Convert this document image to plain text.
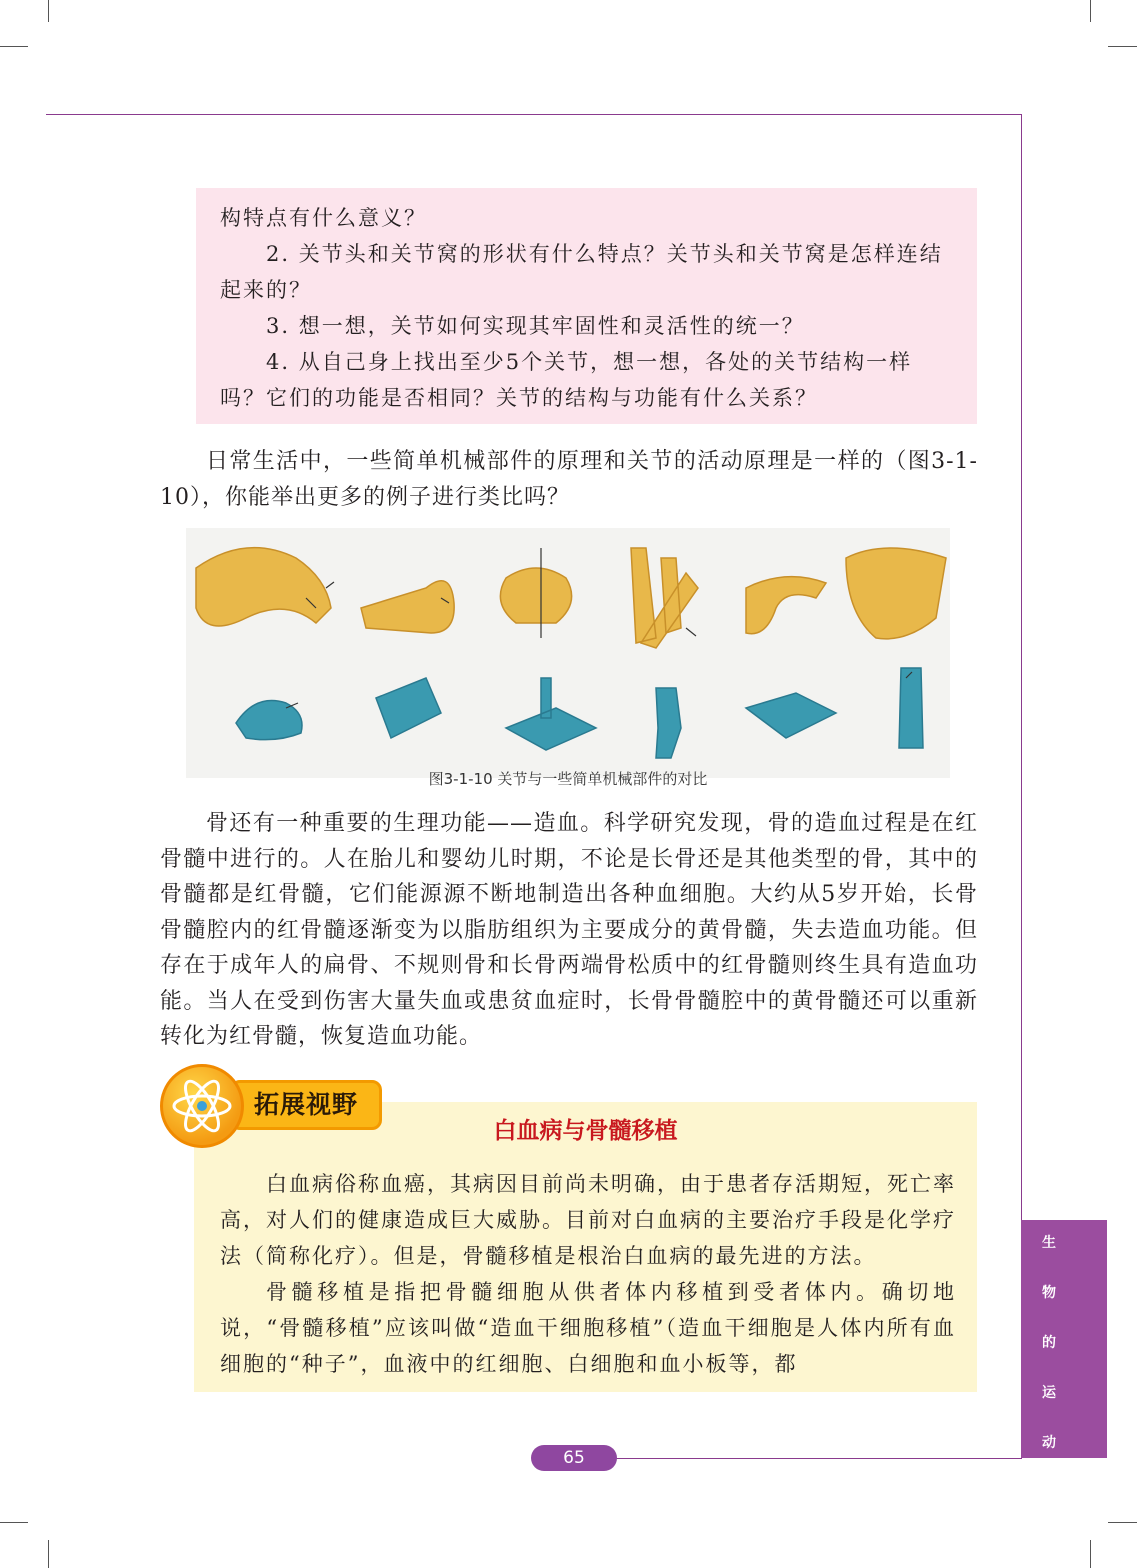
构特点有什么意义？

2. 关节头和关节窝的形状有什么特点？关节头和关节窝是怎样连结起来的？

3. 想一想，关节如何实现其牢固性和灵活性的统一？

4. 从自己身上找出至少5个关节，想一想，各处的关节结构一样吗？它们的功能是否相同？关节的结构与功能有什么关系？

日常生活中，一些简单机械部件的原理和关节的活动原理是一样的（图3-1-10），你能举出更多的例子进行类比吗？

图3-1-10 关节与一些简单机械部件的对比

骨还有一种重要的生理功能——造血。科学研究发现，骨的造血过程是在红骨髓中进行的。人在胎儿和婴幼儿时期，不论是长骨还是其他类型的骨，其中的骨髓都是红骨髓，它们能源源不断地制造出各种血细胞。大约从5岁开始，长骨骨髓腔内的红骨髓逐渐变为以脂肪组织为主要成分的黄骨髓，失去造血功能。但存在于成年人的扁骨、不规则骨和长骨两端骨松质中的红骨髓则终生具有造血功能。当人在受到伤害大量失血或患贫血症时，长骨骨髓腔中的黄骨髓还可以重新转化为红骨髓，恢复造血功能。

拓展视野
白血病与骨髓移植

白血病俗称血癌，其病因目前尚未明确，由于患者存活期短，死亡率高，对人们的健康造成巨大威胁。目前对白血病的主要治疗手段是化学疗法（简称化疗）。但是，骨髓移植是根治白血病的最先进的方法。

骨髓移植是指把骨髓细胞从供者体内移植到受者体内。确切地说，“骨髓移植”应该叫做“造血干细胞移植”（造血干细胞是人体内所有血细胞的“种子”，血液中的红细胞、白细胞和血小板等，都

生
物
的
运
动
65
